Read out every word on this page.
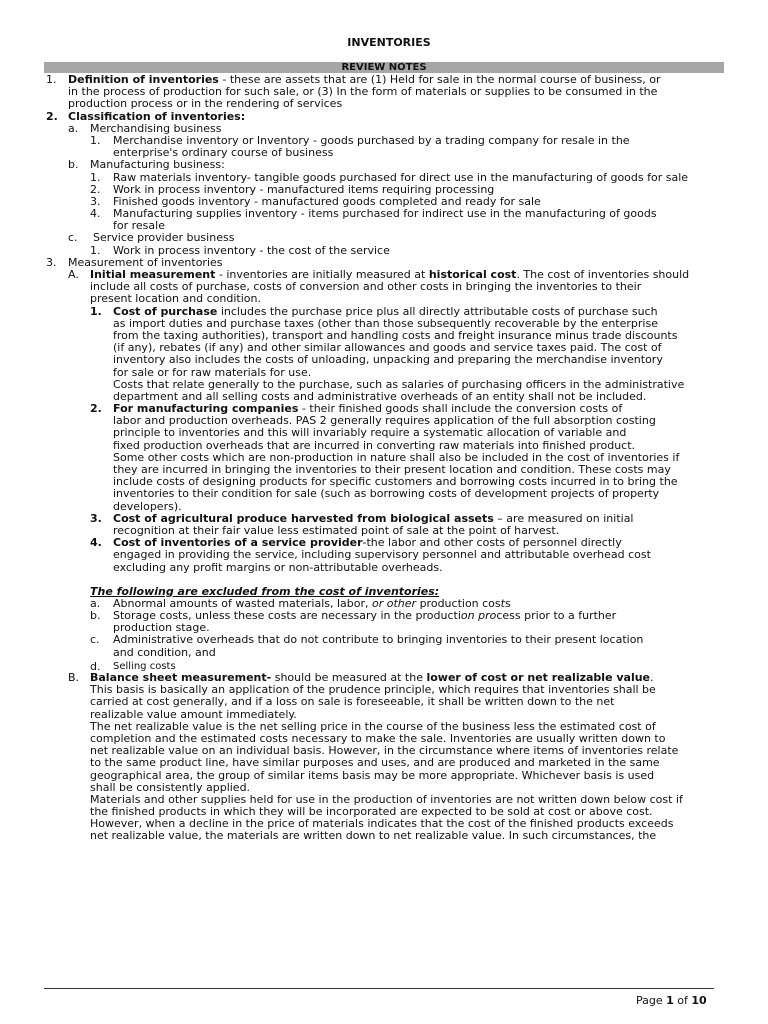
INVENTORIES
REVIEW NOTES
1. Definition of inventories - these are assets that are (1) Held for sale in the normal course of business, or
in the process of production for such sale, or (3) In the form of materials or supplies to be consumed in the
production process or in the rendering of services
2. Classification of inventories:
a. Merchandising business
1. Merchandise inventory or Inventory - goods purchased by a trading company for resale in the
enterprise's ordinary course of business
b. Manufacturing business:
1. Raw materials inventory- tangible goods purchased for direct use in the manufacturing of goods for sale
2. Work in process inventory - manufactured items requiring processing
3. Finished goods inventory - manufactured goods completed and ready for sale
4. Manufacturing supplies inventory - items purchased for indirect use in the manufacturing of goods
for resale
c. Service provider business
1. Work in process inventory - the cost of the service
3. Measurement of inventories
A. Initial measurement - inventories are initially measured at historical cost. The cost of inventories should
include all costs of purchase, costs of conversion and other costs in bringing the inventories to their
present location and condition.
1. Cost of purchase includes the purchase price plus all directly attributable costs of purchase such
as import duties and purchase taxes (other than those subsequently recoverable by the enterprise
from the taxing authorities), transport and handling costs and freight insurance minus trade discounts
(if any), rebates (if any) and other similar allowances and goods and service taxes paid. The cost of
inventory also includes the costs of unloading, unpacking and preparing the merchandise inventory
for sale or for raw materials for use.
Costs that relate generally to the purchase, such as salaries of purchasing officers in the administrative
department and all selling costs and administrative overheads of an entity shall not be included.
2. For manufacturing companies - their finished goods shall include the conversion costs of
labor and production overheads. PAS 2 generally requires application of the full absorption costing
principle to inventories and this will invariably require a systematic allocation of variable and
fixed production overheads that are incurred in converting raw materials into finished product.
Some other costs which are non-production in nature shall also be included in the cost of inventories if
they are incurred in bringing the inventories to their present location and condition. These costs may
include costs of designing products for specific customers and borrowing costs incurred in to bring the
inventories to their condition for sale (such as borrowing costs of development projects of property
developers).
3. Cost of agricultural produce harvested from biological assets – are measured on initial
recognition at their fair value less estimated point of sale at the point of harvest.
4. Cost of inventories of a service provider-the labor and other costs of personnel directly
engaged in providing the service, including supervisory personnel and attributable overhead cost
excluding any profit margins or non-attributable overheads.
The following are excluded from the cost of inventories:
a. Abnormal amounts of wasted materials, labor, or other production costs
b. Storage costs, unless these costs are necessary in the production process prior to a further
production stage.
c. Administrative overheads that do not contribute to bringing inventories to their present location
and condition, and
d. Selling costs
B. Balance sheet measurement- should be measured at the lower of cost or net realizable value.
This basis is basically an application of the prudence principle, which requires that inventories shall be
carried at cost generally, and if a loss on sale is foreseeable, it shall be written down to the net
realizable value amount immediately.
The net realizable value is the net selling price in the course of the business less the estimated cost of
completion and the estimated costs necessary to make the sale. Inventories are usually written down to
net realizable value on an individual basis. However, in the circumstance where items of inventories relate
to the same product line, have similar purposes and uses, and are produced and marketed in the same
geographical area, the group of similar items basis may be more appropriate. Whichever basis is used
shall be consistently applied.
Materials and other supplies held for use in the production of inventories are not written down below cost if
the finished products in which they will be incorporated are expected to be sold at cost or above cost.
However, when a decline in the price of materials indicates that the cost of the finished products exceeds
net realizable value, the materials are written down to net realizable value. In such circumstances, the
Page 1 of 10
